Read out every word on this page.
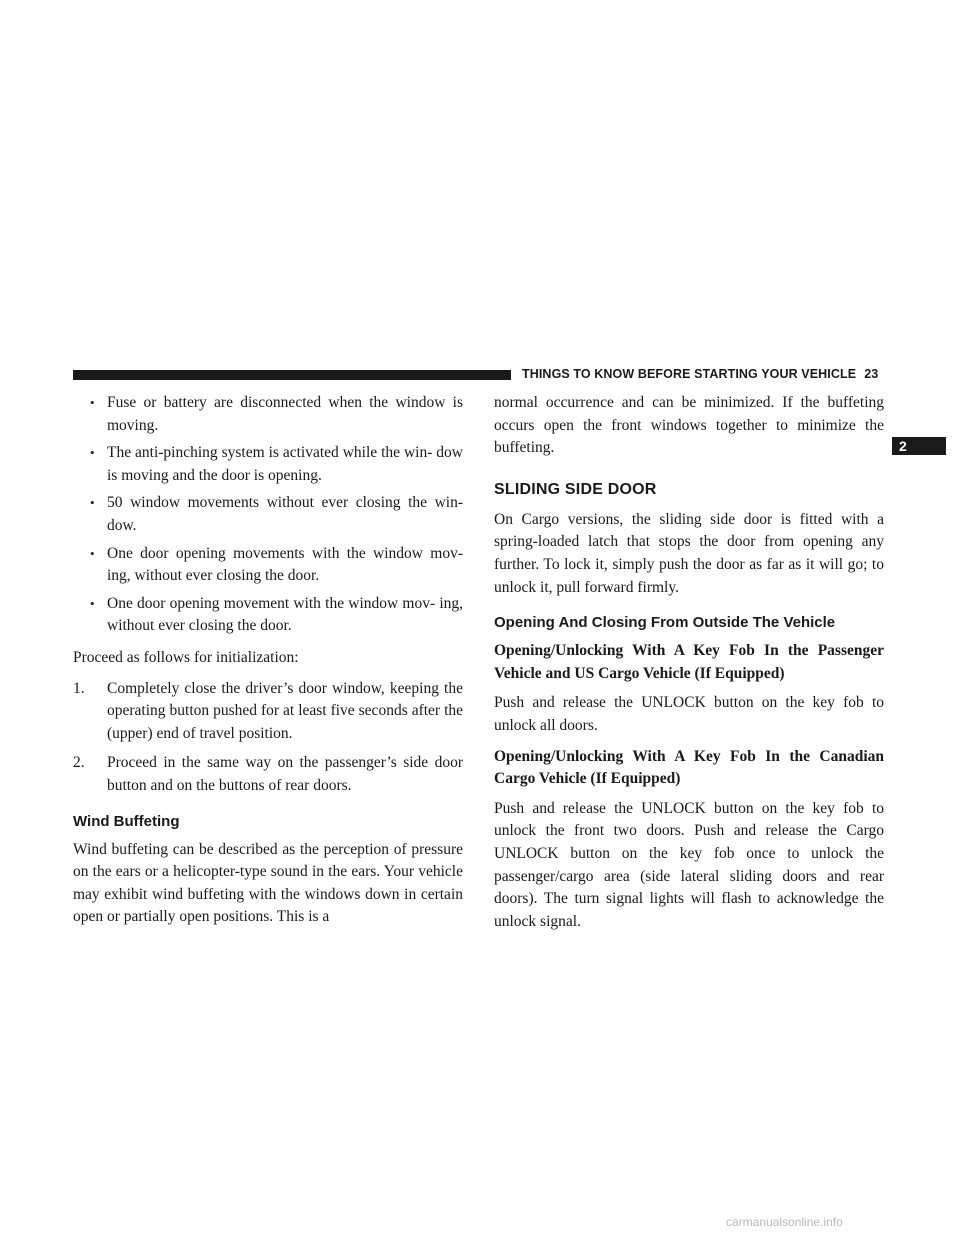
THINGS TO KNOW BEFORE STARTING YOUR VEHICLE 23
2

• Fuse or battery are disconnected when the window is moving.

• The anti-pinching system is activated while the win- dow is moving and the door is opening.

• 50 window movements without ever closing the win- dow.

• One door opening movements with the window mov- ing, without ever closing the door.

• One door opening movement with the window mov- ing, without ever closing the door.

Proceed as follows for initialization:

1. Completely close the driver’s door window, keeping the operating button pushed for at least five seconds after the (upper) end of travel position.

2. Proceed in the same way on the passenger’s side door button and on the buttons of rear doors.

Wind Buffeting

Wind buffeting can be described as the perception of pressure on the ears or a helicopter-type sound in the ears. Your vehicle may exhibit wind buffeting with the windows down in certain open or partially open positions. This is a

normal occurrence and can be minimized. If the buffeting occurs open the front windows together to minimize the buffeting.

SLIDING SIDE DOOR

On Cargo versions, the sliding side door is fitted with a spring-loaded latch that stops the door from opening any further. To lock it, simply push the door as far as it will go; to unlock it, pull forward firmly.

Opening And Closing From Outside The Vehicle
Opening/Unlocking With A Key Fob In the Passenger Vehicle and US Cargo Vehicle (If Equipped)

Push and release the UNLOCK button on the key fob to unlock all doors.

Opening/Unlocking With A Key Fob In the Canadian Cargo Vehicle (If Equipped)

Push and release the UNLOCK button on the key fob to unlock the front two doors. Push and release the Cargo UNLOCK button on the key fob once to unlock the passenger/cargo area (side lateral sliding doors and rear doors). The turn signal lights will flash to acknowledge the unlock signal.

carmanualsonline.info
